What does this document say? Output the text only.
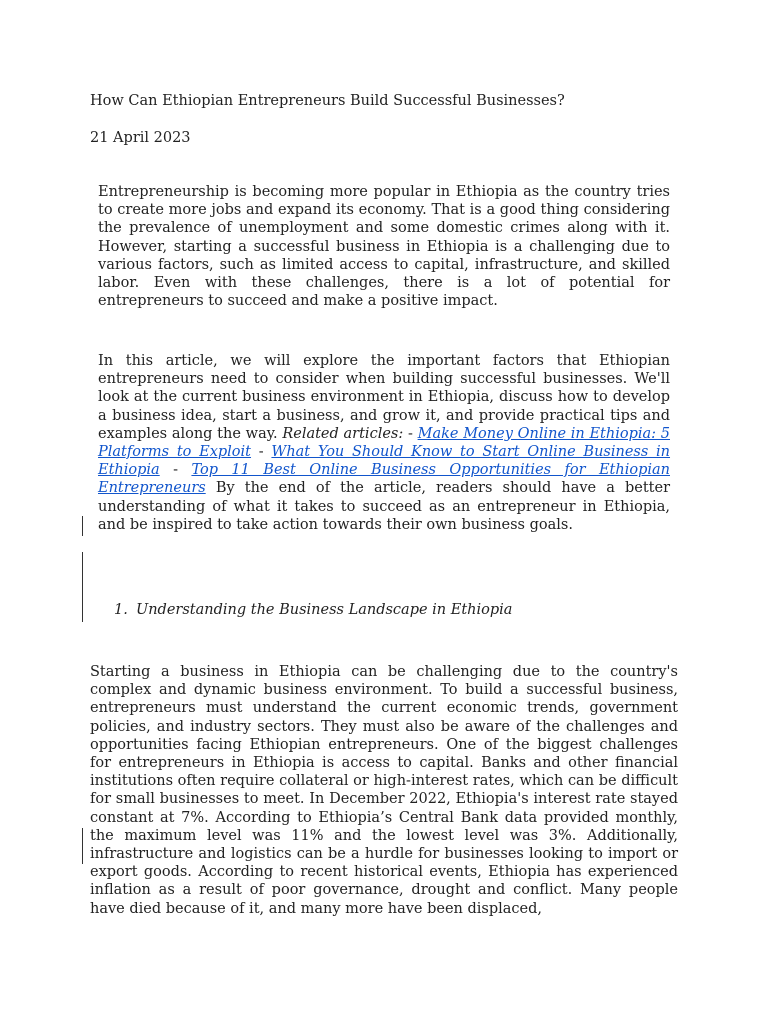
How Can Ethiopian Entrepreneurs Build Successful Businesses?

21 April 2023

Entrepreneurship is becoming more popular in Ethiopia as the country tries to create more jobs and expand its economy. That is a good thing considering the prevalence of unemployment and some domestic crimes along with it. However, starting a successful business in Ethiopia is a challenging due to various factors, such as limited access to capital, infrastructure, and skilled labor. Even with these challenges, there is a lot of potential for entrepreneurs to succeed and make a positive impact.

In this article, we will explore the important factors that Ethiopian entrepreneurs need to consider when building successful businesses. We'll look at the current business environment in Ethiopia, discuss how to develop a business idea, start a business, and grow it, and provide practical tips and examples along the way. Related articles: - Make Money Online in Ethiopia: 5 Platforms to Exploit - What You Should Know to Start Online Business in Ethiopia - Top 11 Best Online Business Opportunities for Ethiopian Entrepreneurs By the end of the article, readers should have a better understanding of what it takes to succeed as an entrepreneur in Ethiopia, and be inspired to take action towards their own business goals.

1. Understanding the Business Landscape in Ethiopia

Starting a business in Ethiopia can be challenging due to the country's complex and dynamic business environment. To build a successful business, entrepreneurs must understand the current economic trends, government policies, and industry sectors. They must also be aware of the challenges and opportunities facing Ethiopian entrepreneurs. One of the biggest challenges for entrepreneurs in Ethiopia is access to capital. Banks and other financial institutions often require collateral or high-interest rates, which can be difficult for small businesses to meet. In December 2022, Ethiopia's interest rate stayed constant at 7%. According to Ethiopia’s Central Bank data provided monthly, the maximum level was 11% and the lowest level was 3%. Additionally, infrastructure and logistics can be a hurdle for businesses looking to import or export goods. According to recent historical events, Ethiopia has experienced inflation as a result of poor governance, drought and conflict. Many people have died because of it, and many more have been displaced,
